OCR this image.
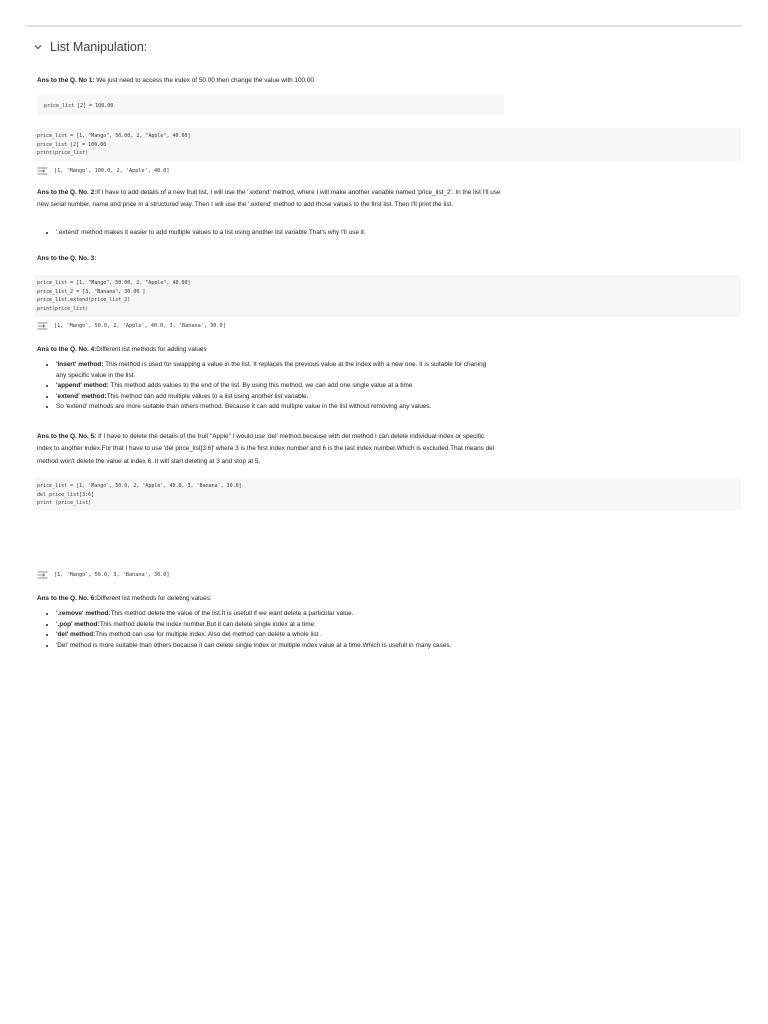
List Manipulation:

Ans to the Q. No 1: We just need to access the index of 50.00 then change the value with 100.00

price_list [2] = 100.00
price_list = [1, "Mango", 50.00, 2, "Apple", 40.00]
price_list [2] = 100.00
print(price_list)
[1, 'Mango', 100.0, 2, 'Apple', 40.0]

Ans to the Q. No. 2:If I have to add details of a new fruit list, I will use the '.extend' method, where I will make another variable named 'price_list_2'. In the list I'll use new serial number, name and price in a structured way. Then I will use the '.extend' method to add those values to the first list. Then I'll print the list.

• '.extend' method makes it easier to add multiple values to a list using another list variable.That's why I'll use it.

Ans to the Q. No. 3:

price_list = [1, "Mango", 50.00, 2, "Apple", 40.00]
price_list_2 = [3, "Banana", 30.00 ]
price_list.extend(price_list_2)
print(price_list)
[1, 'Mango', 50.0, 2, 'Apple', 40.0, 3, 'Banana', 30.0]

Ans to the Q. No. 4:Different list methods for adding values

• 'Insert' method: This method is used for swapping a value in the list. It replaces the previous value at the index with a new one. It is suitable for chaning any specific value in the list.
• 'append' method: This method adds values to the end of the list. By using this method, we can add one single value at a time
• 'extend' method:This method can add multiple values to a list using another list variable.
• So 'extend' methods are more suitable than others method. Because it can add multiple value in the list without removing any values.

Ans to the Q. No. 5: If I have to delete the details of the fruit "Apple" I would use 'del' method.because with del method I can delete individual index or specific index to another index.For that I have to use 'del price_list[3:6]' where 3 is the first index number and 6 is the last index number.Which is excluded.That means del method won't delete the value at index 6 .It will start deleting at 3 and stop at 5.

price_list = [1, 'Mango', 50.0, 2, 'Apple', 40.0, 3, 'Banana', 30.0]
del price_list[3:6]
print (price_list)
[1, 'Mango', 50.0, 3, 'Banana', 30.0]

Ans to the Q. No. 6:Different list methods for deleting values:

• '.remove' method:This method delete the value of the list.It is usefull if we want delete a particular value.
• '.pop' method:This method delete the index number.But it can delete single index at a time.
• 'del' method:This method can use for multiple index. Also del method can delete a whole list .
• 'Del' method is more suitable than others because it can delete single index or multiple index value at a time.Which is usefull in many cases.
